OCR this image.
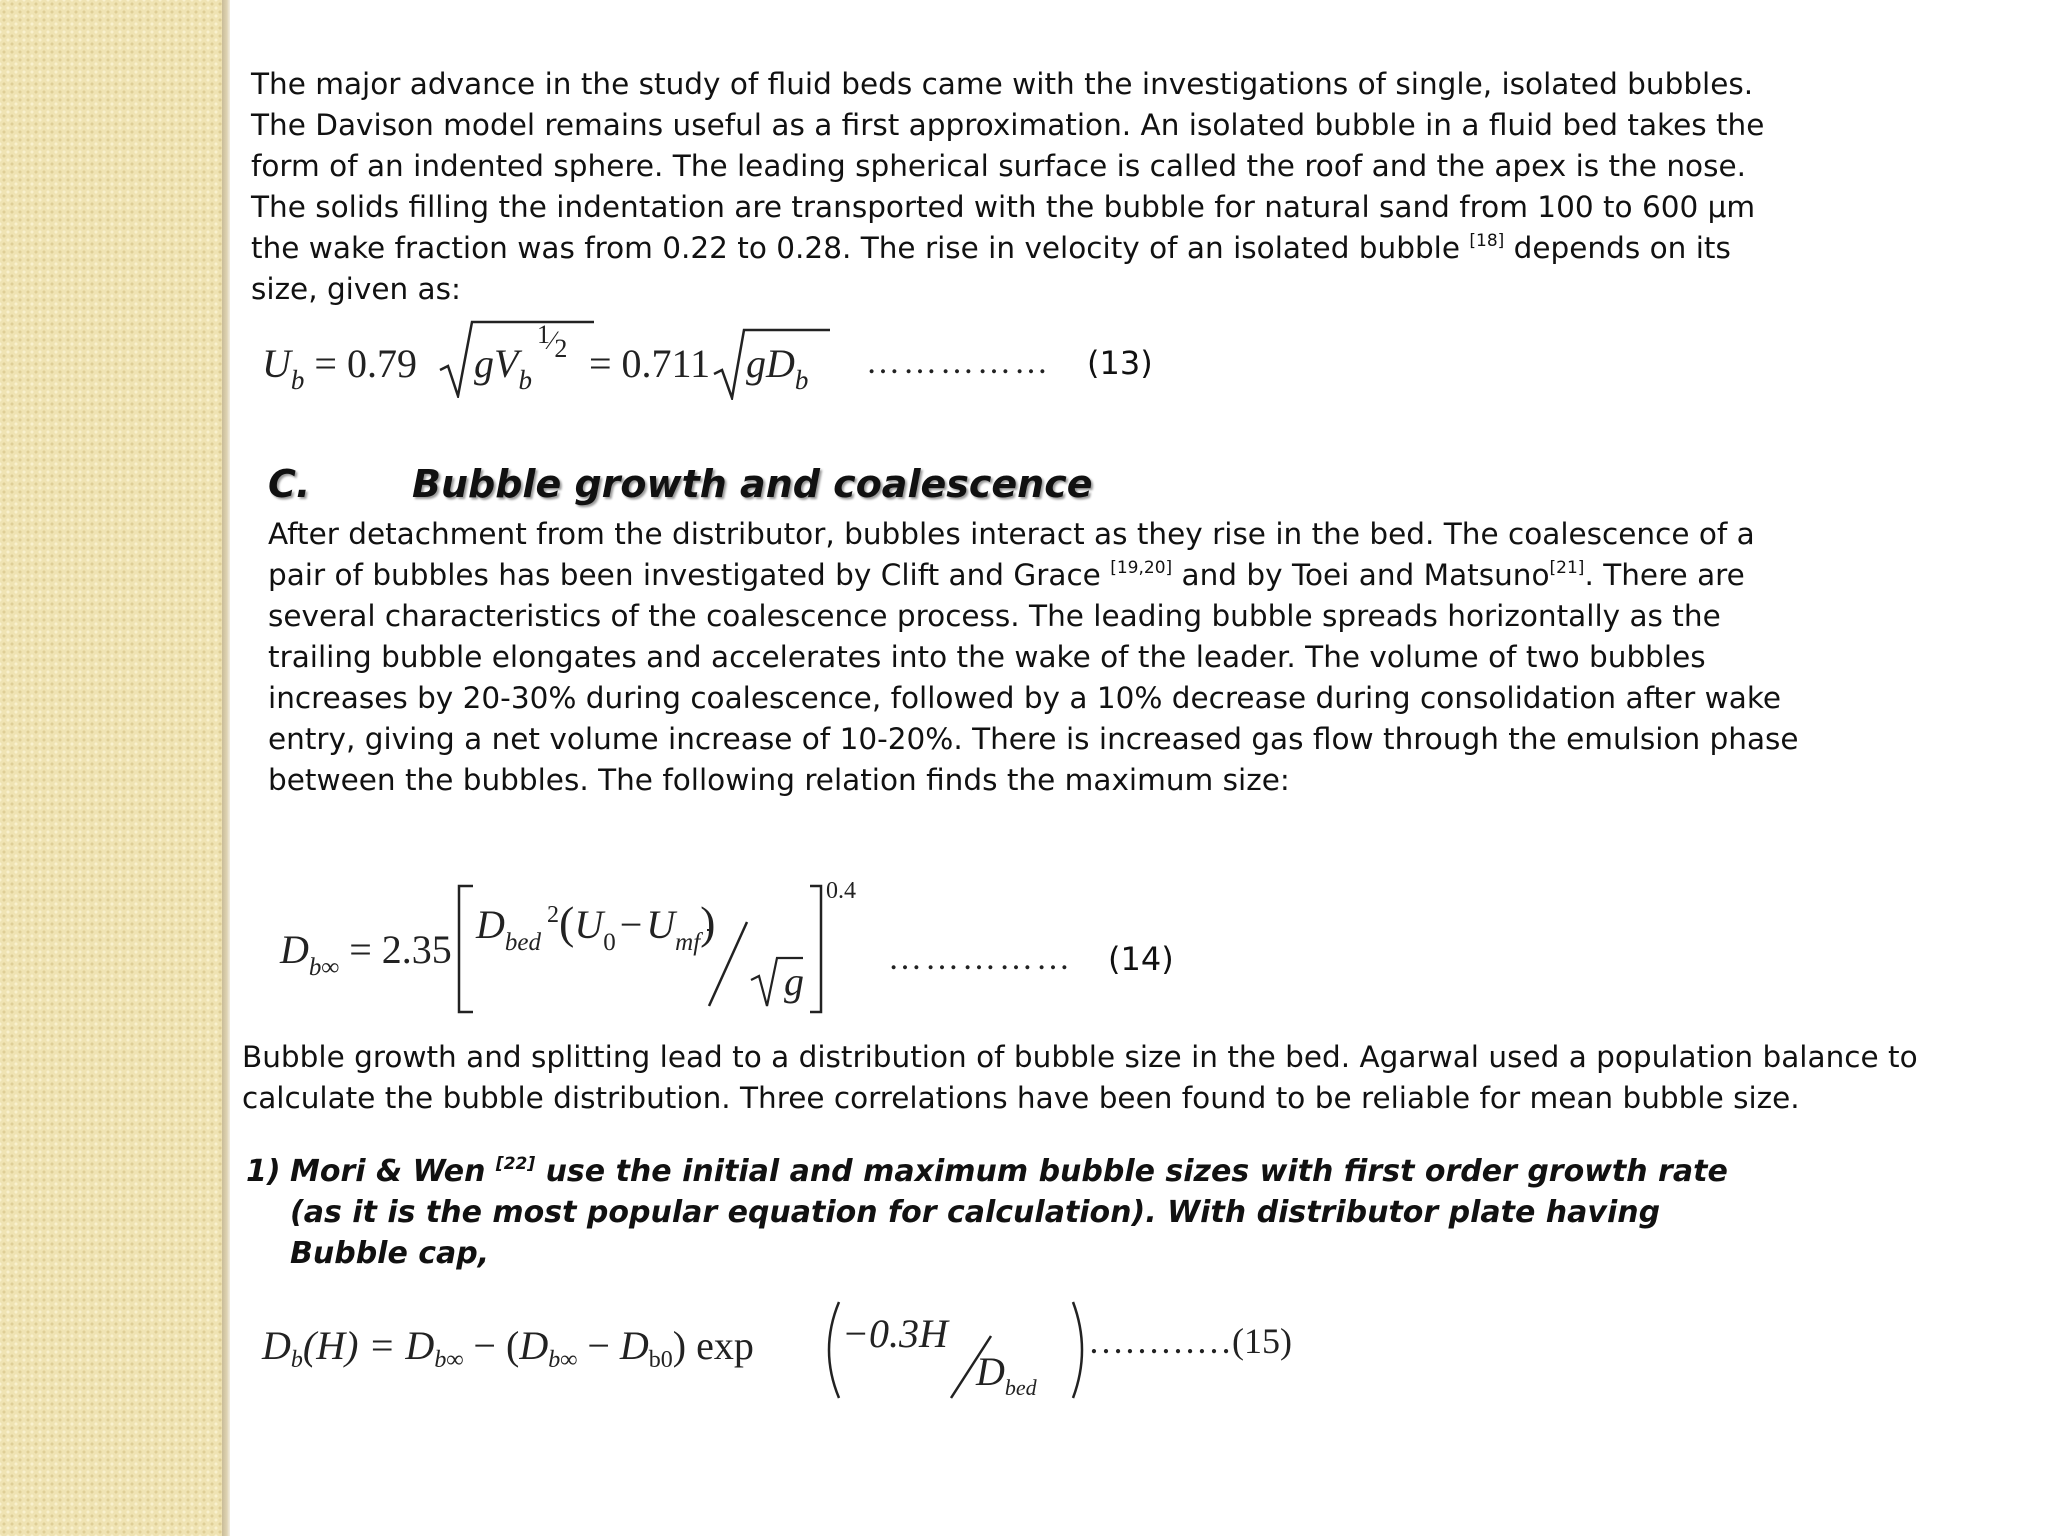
The major advance in the study of fluid beds came with the investigations of single, isolated bubbles. The Davison model remains useful as a first approximation. An isolated bubble in a fluid bed takes the form of an indented sphere. The leading spherical surface is called the roof and the apex is the nose. The solids filling the indentation are transported with the bubble for natural sand from 100 to 600 μm the wake fraction was from 0.22 to 0.28. The rise in velocity of an isolated bubble [18] depends on its size, given as:

$U_b = 0.79$ $gV_b$
1⁄2 = 0.711 $gD_b$ …………… (13)
C.	Bubble growth and coalescence

After detachment from the distributor, bubbles interact as they rise in the bed. The coalescence of a pair of bubbles has been investigated by Clift and Grace [19,20] and by Toei and Matsuno[21]. There are several characteristics of the coalescence process. The leading bubble spreads horizontally as the trailing bubble elongates and accelerates into the wake of the leader. The volume of two bubbles increases by 20-30% during coalescence, followed by a 10% decrease during consolidation after wake entry, giving a net volume increase of 10-20%. There is increased gas flow through the emulsion phase between the bubbles. The following relation finds the maximum size:

$D_{b\infty} = 2.35$
$D_{bed}^2(U_0 - U_{mf})$
g
0.4
…………… (14)

Bubble growth and splitting lead to a distribution of bubble size in the bed. Agarwal used a population balance to calculate the bubble distribution. Three correlations have been found to be reliable for mean bubble size.

1) Mori & Wen [22] use the initial and maximum bubble sizes with first order growth rate (as it is the most popular equation for calculation). With distributor plate having Bubble cap,
$D_b(H) = D_{b\infty} - (D_{b\infty} - D_{b0})$ exp −0.3H
$D_{bed}$
…………(15)
